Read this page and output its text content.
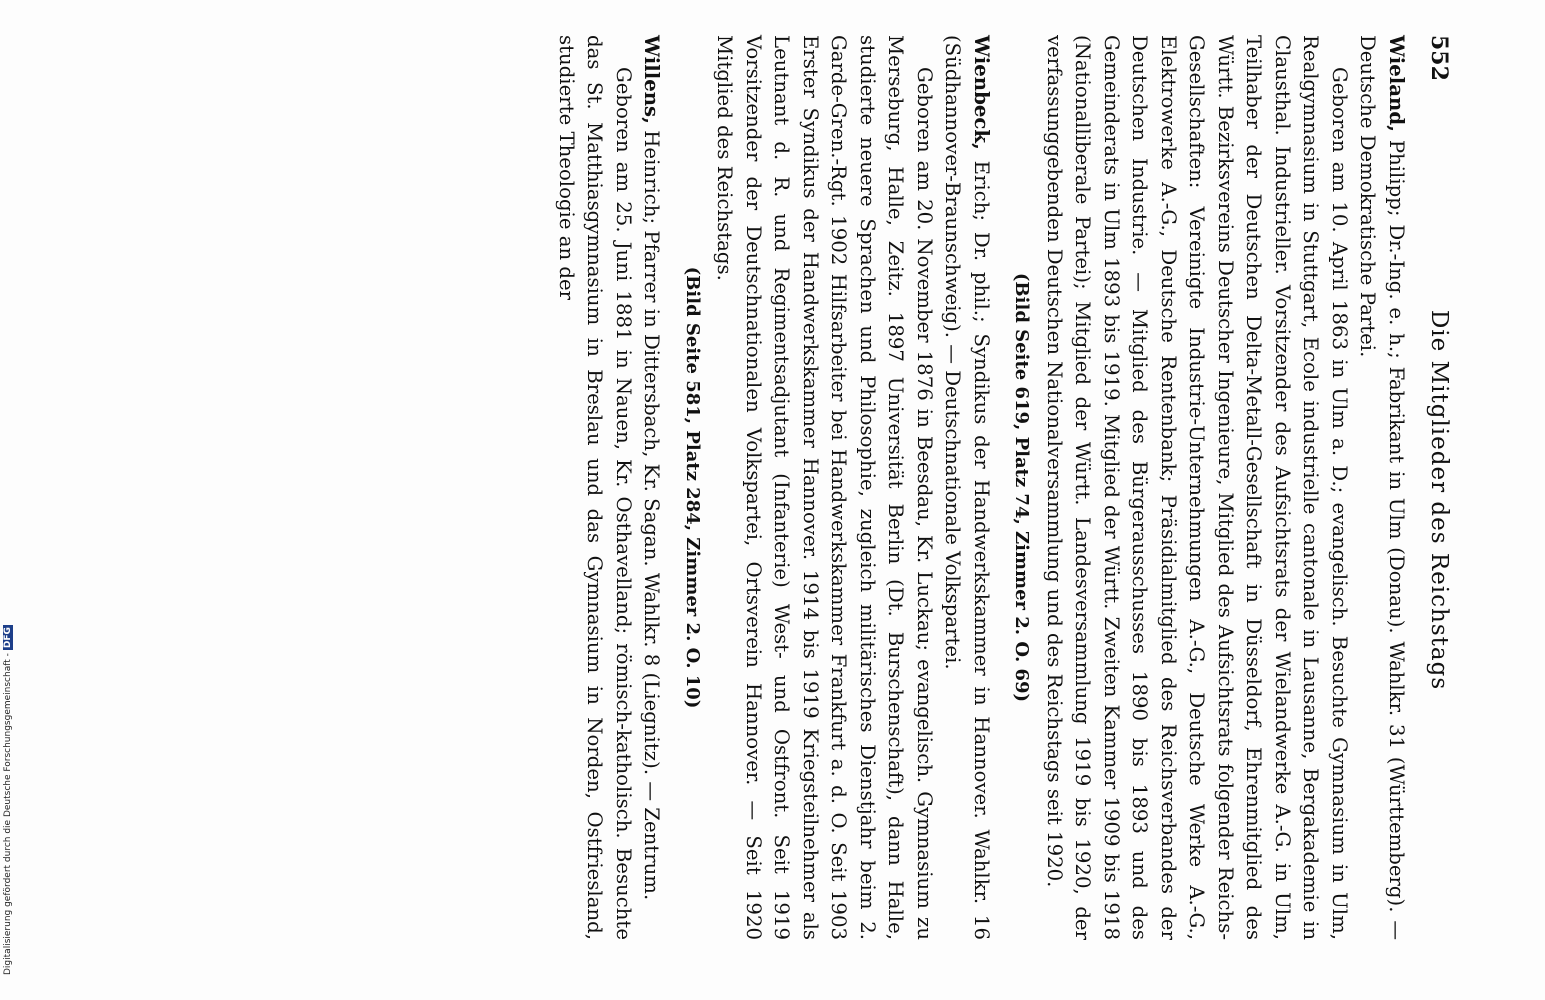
552
Die Mitglieder des Reichstags

Wieland, Philipp; Dr.-Ing. e. h.; Fabrikant in Ulm (Donau). Wahlkr. 31 (Württemberg). — Deutsche Demokratische Partei.

Geboren am 10. April 1863 in Ulm a. D.; evangelisch. Besuchte Gymnasium in Ulm, Realgymnasium in Stuttgart, Ecole industrielle cantonale in Lausanne, Bergakademie in Clausthal. Industrieller. Vorsitzender des Aufsichtsrats der Wielandwerke A.-G. in Ulm, Teilhaber der Deutschen Delta-Metall-Gesellschaft in Düsseldorf, Ehrenmitglied des Württ. Bezirksvereins Deutscher Ingenieure, Mitglied des Aufsichtsrats folgender Reichs-Gesellschaften: Vereinigte Industrie-Unternehmungen A.-G., Deutsche Werke A.-G., Elektrowerke A.-G., Deutsche Rentenbank; Präsidialmitglied des Reichsverbandes der Deutschen Industrie. — Mitglied des Bürgerausschusses 1890 bis 1893 und des Gemeinderats in Ulm 1893 bis 1919. Mitglied der Württ. Zweiten Kammer 1909 bis 1918 (Nationalliberale Partei); Mitglied der Württ. Landesversammlung 1919 bis 1920, der verfassunggebenden Deutschen Nationalversammlung und des Reichstags seit 1920.

(Bild Seite 619, Platz 74, Zimmer 2. O. 69)

Wienbeck, Erich; Dr. phil.; Syndikus der Handwerkskammer in Hannover. Wahlkr. 16 (Südhannover-Braunschweig). — Deutschnationale Volkspartei.

Geboren am 20. November 1876 in Beesdau, Kr. Luckau; evangelisch. Gymnasium zu Merseburg, Halle, Zeitz. 1897 Universität Berlin (Dt. Burschenschaft), dann Halle, studierte neuere Sprachen und Philosophie, zugleich militärisches Dienstjahr beim 2. Garde-Gren.-Rgt. 1902 Hilfsarbeiter bei Handwerkskammer Frankfurt a. d. O. Seit 1903 Erster Syndikus der Handwerkskammer Hannover. 1914 bis 1919 Kriegsteilnehmer als Leutnant d. R. und Regimentsadjutant (Infanterie) West- und Ostfront. Seit 1919 Vorsitzender der Deutschnationalen Volkspartei, Ortsverein Hannover. — Seit 1920 Mitglied des Reichstags.

(Bild Seite 581, Platz 284, Zimmer 2. O. 10)

Willens, Heinrich; Pfarrer in Dittersbach, Kr. Sagan. Wahlkr. 8 (Liegnitz). — Zentrum.

Geboren am 25. Juni 1881 in Nauen, Kr. Osthavelland; römisch-katholisch. Besuchte das St. Matthiasgymnasium in Breslau und das Gymnasium in Norden, Ostfriesland, studierte Theologie an der

Digitalisierung gefördert durch die Deutsche Forschungsgemeinschaft -DFG
